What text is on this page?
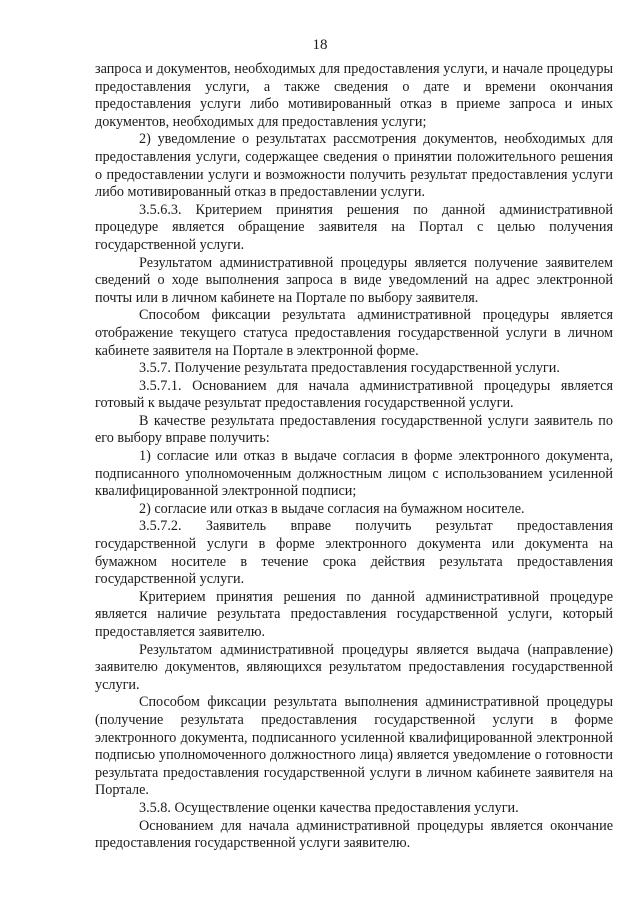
18

запроса и документов, необходимых для предоставления услуги, и начале процедуры предоставления услуги, а также сведения о дате и времени окончания предоставления услуги либо мотивированный отказ в приеме запроса и иных документов, необходимых для предоставления услуги;

2) уведомление о результатах рассмотрения документов, необходимых для предоставления услуги, содержащее сведения о принятии положительного решения о предоставлении услуги и возможности получить результат предоставления услуги либо мотивированный отказ в предоставлении услуги.

3.5.6.3. Критерием принятия решения по данной административной процедуре является обращение заявителя на Портал с целью получения государственной услуги.

Результатом административной процедуры является получение заявителем сведений о ходе выполнения запроса в виде уведомлений на адрес электронной почты или в личном кабинете на Портале по выбору заявителя.

Способом фиксации результата административной процедуры является отображение текущего статуса предоставления государственной услуги в личном кабинете заявителя на Портале в электронной форме.

3.5.7. Получение результата предоставления государственной услуги.

3.5.7.1. Основанием для начала административной процедуры является готовый к выдаче результат предоставления государственной услуги.

В качестве результата предоставления государственной услуги заявитель по его выбору вправе получить:

1) согласие или отказ в выдаче согласия в форме электронного документа, подписанного уполномоченным должностным лицом с использованием усиленной квалифицированной электронной подписи;

2) согласие или отказ в выдаче согласия на бумажном носителе.

3.5.7.2. Заявитель вправе получить результат предоставления государственной услуги в форме электронного документа или документа на бумажном носителе в течение срока действия результата предоставления государственной услуги.

Критерием принятия решения по данной административной процедуре является наличие результата предоставления государственной услуги, который предоставляется заявителю.

Результатом административной процедуры является выдача (направление) заявителю документов, являющихся результатом предоставления государственной услуги.

Способом фиксации результата выполнения административной процедуры (получение результата предоставления государственной услуги в форме электронного документа, подписанного усиленной квалифицированной электронной подписью уполномоченного должностного лица) является уведомление о готовности результата предоставления государственной услуги в личном кабинете заявителя на Портале.

3.5.8. Осуществление оценки качества предоставления услуги.

Основанием для начала административной процедуры является окончание предоставления государственной услуги заявителю.
